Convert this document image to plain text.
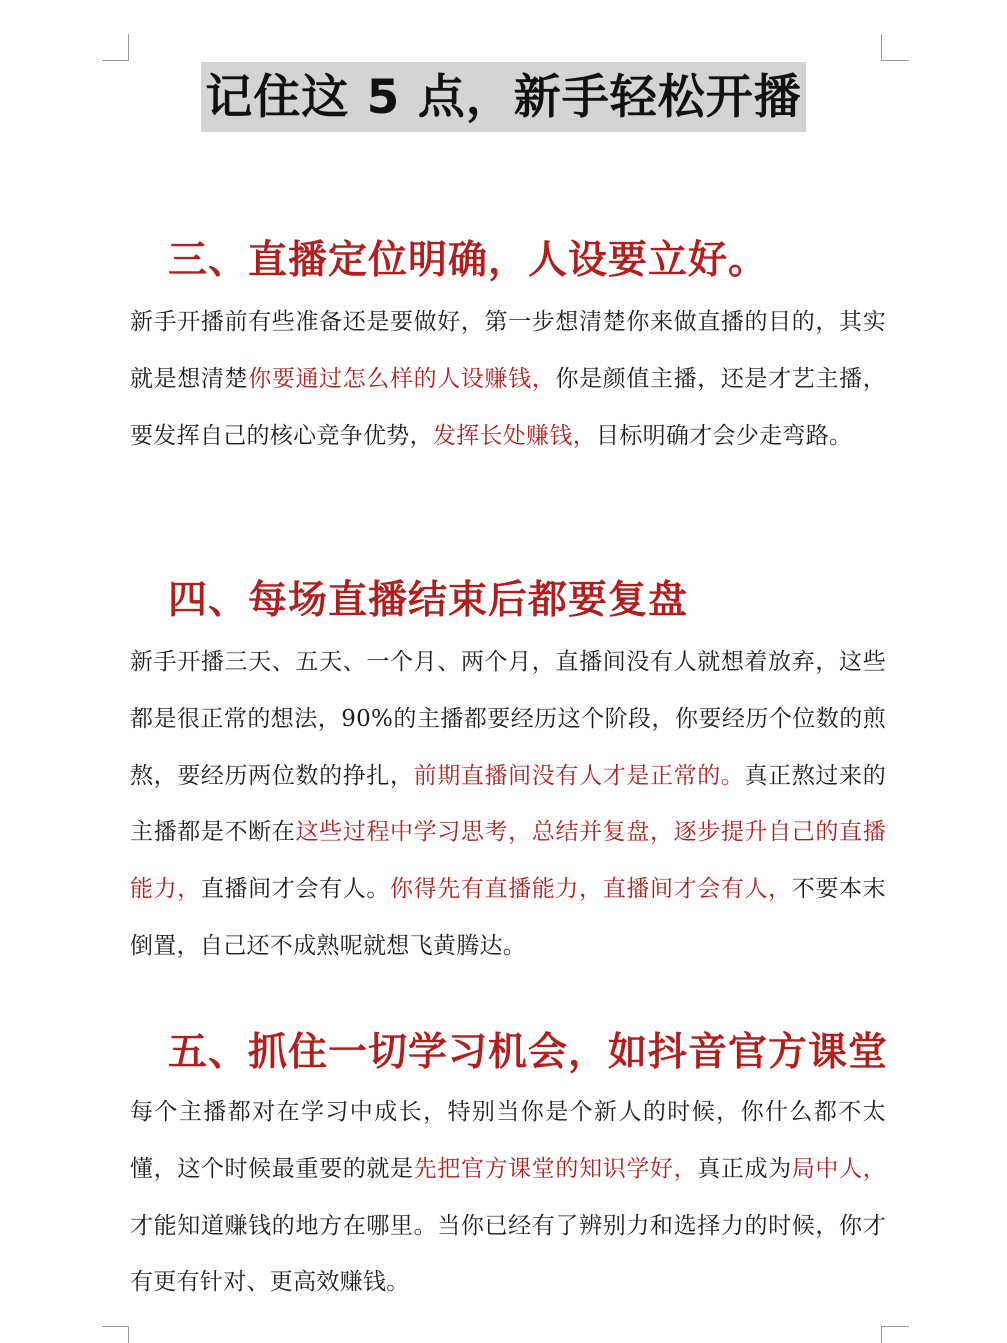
记住这 5 点，新手轻松开播
三、直播定位明确，人设要立好。

新手开播前有些准备还是要做好，第一步想清楚你来做直播的目的，其实就是想清楚你要通过怎么样的人设赚钱，你是颜值主播，还是才艺主播，要发挥自己的核心竞争优势，发挥长处赚钱，目标明确才会少走弯路。

四、每场直播结束后都要复盘

新手开播三天、五天、一个月、两个月，直播间没有人就想着放弃，这些都是很正常的想法，90%的主播都要经历这个阶段，你要经历个位数的煎熬，要经历两位数的挣扎，前期直播间没有人才是正常的。真正熬过来的主播都是不断在这些过程中学习思考，总结并复盘，逐步提升自己的直播能力，直播间才会有人。你得先有直播能力，直播间才会有人，不要本末倒置，自己还不成熟呢就想飞黄腾达。

五、抓住一切学习机会，如抖音官方课堂

每个主播都对在学习中成长，特别当你是个新人的时候，你什么都不太懂，这个时候最重要的就是先把官方课堂的知识学好，真正成为局中人，才能知道赚钱的地方在哪里。当你已经有了辨别力和选择力的时候，你才有更有针对、更高效赚钱。
